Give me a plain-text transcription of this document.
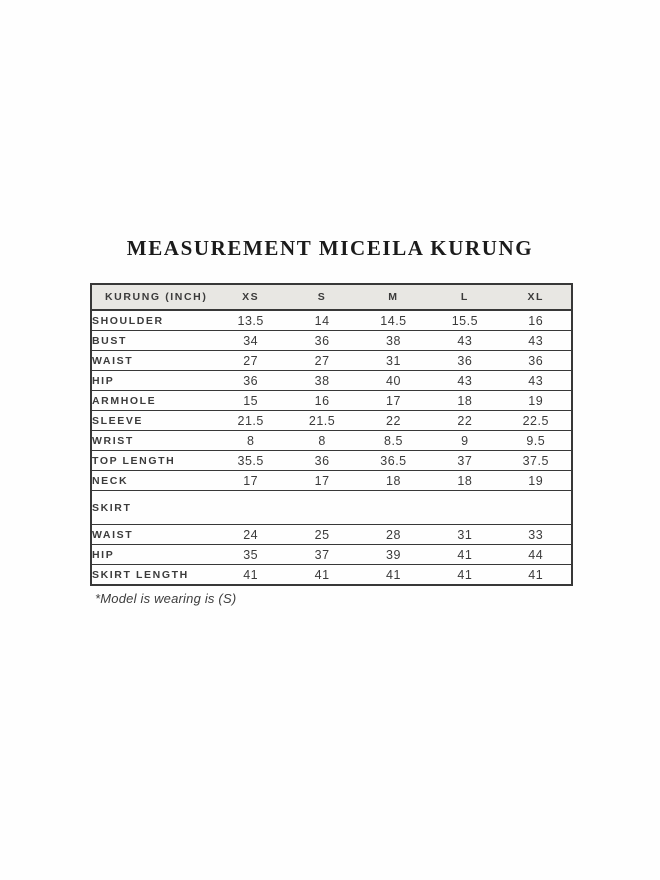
MEASUREMENT MICEILA KURUNG
KURUNG (INCH)	XS	S	M	L	XL
SHOULDER	13.5	14	14.5	15.5	16
BUST	34	36	38	43	43
WAIST	27	27	31	36	36
HIP	36	38	40	43	43
ARMHOLE	15	16	17	18	19
SLEEVE	21.5	21.5	22	22	22.5
WRIST	8	8	8.5	9	9.5
TOP LENGTH	35.5	36	36.5	37	37.5
NECK	17	17	18	18	19
SKIRT					
WAIST	24	25	28	31	33
HIP	35	37	39	41	44
SKIRT LENGTH	41	41	41	41	41
*Model is wearing is (S)
